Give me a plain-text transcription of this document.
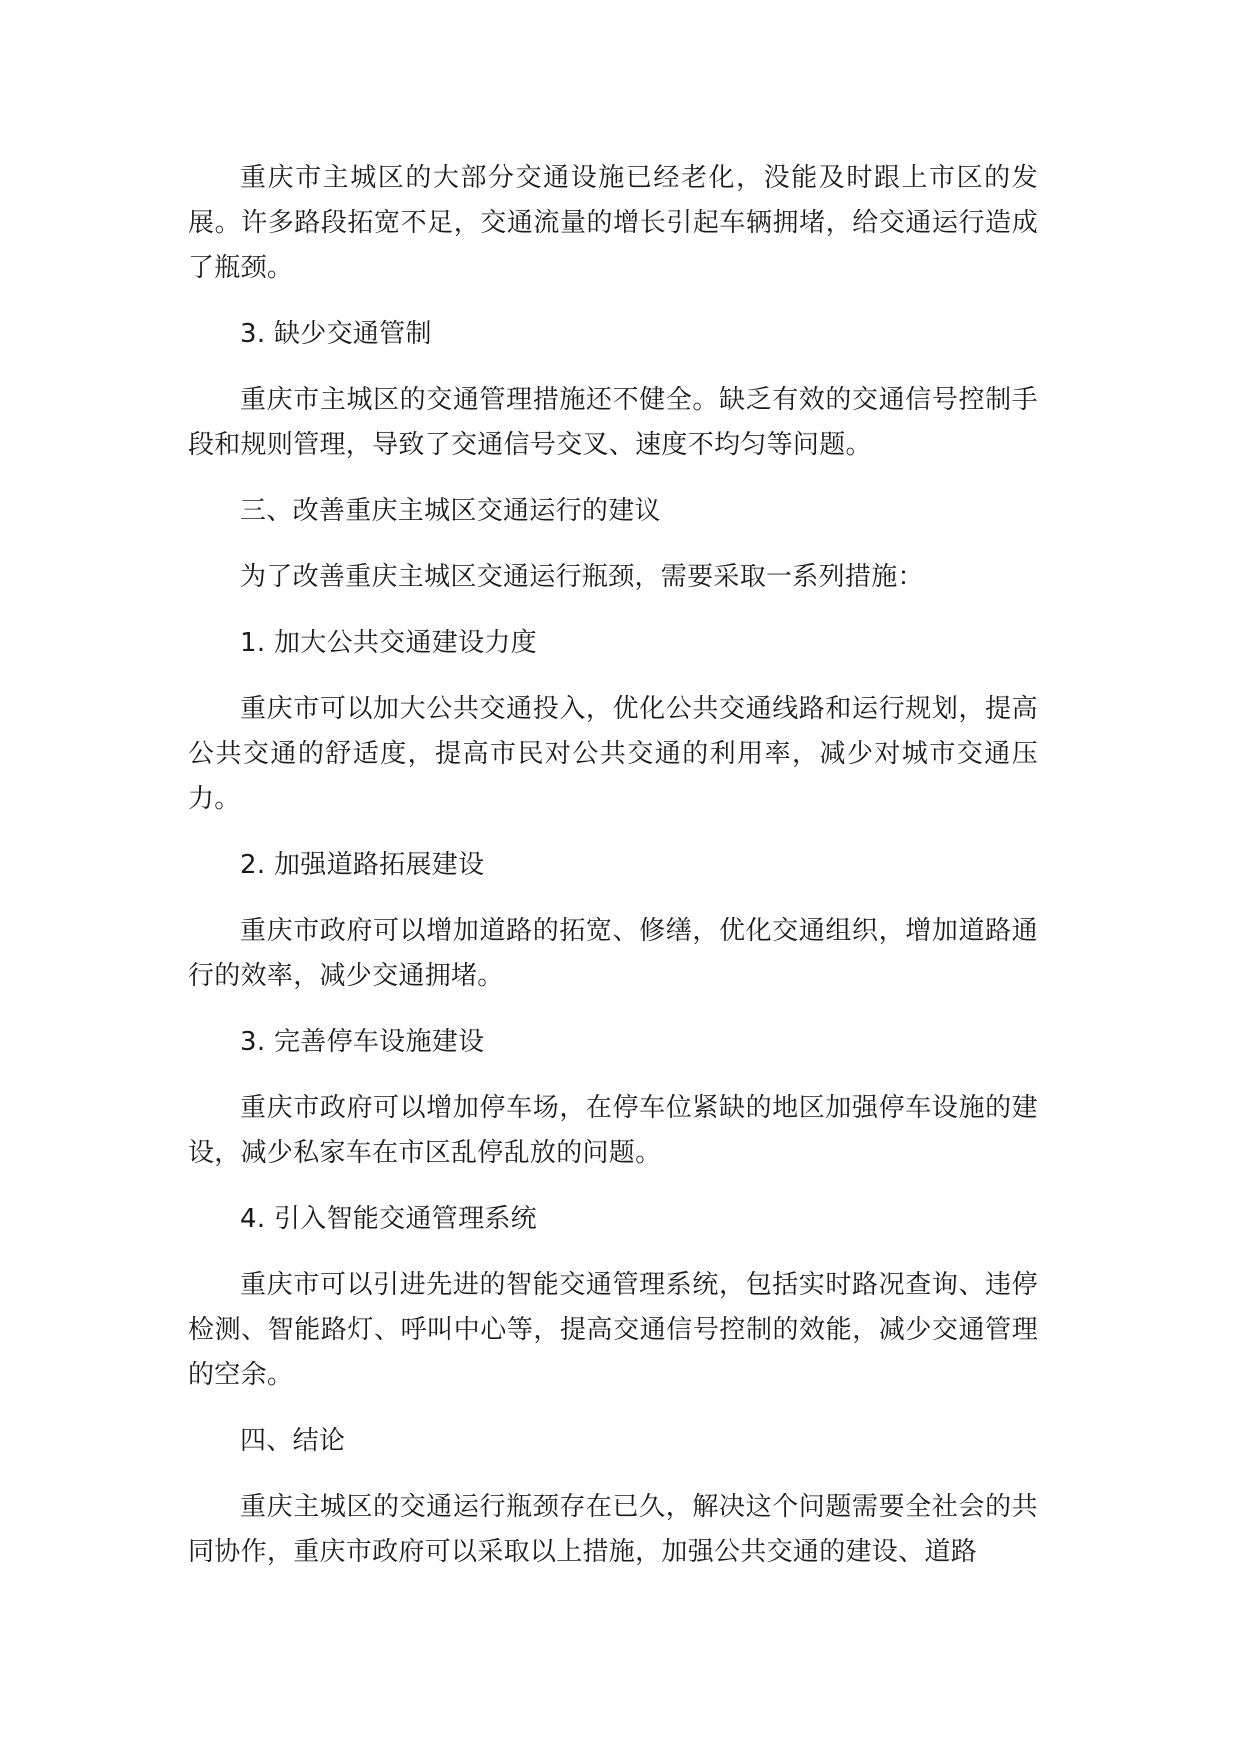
重庆市主城区的大部分交通设施已经老化，没能及时跟上市区的发展。许多路段拓宽不足，交通流量的增长引起车辆拥堵，给交通运行造成了瓶颈。

3. 缺少交通管制

重庆市主城区的交通管理措施还不健全。缺乏有效的交通信号控制手段和规则管理，导致了交通信号交叉、速度不均匀等问题。

三、改善重庆主城区交通运行的建议

为了改善重庆主城区交通运行瓶颈，需要采取一系列措施：

1. 加大公共交通建设力度

重庆市可以加大公共交通投入，优化公共交通线路和运行规划，提高公共交通的舒适度，提高市民对公共交通的利用率，减少对城市交通压力。

2. 加强道路拓展建设

重庆市政府可以增加道路的拓宽、修缮，优化交通组织，增加道路通行的效率，减少交通拥堵。

3. 完善停车设施建设

重庆市政府可以增加停车场，在停车位紧缺的地区加强停车设施的建设，减少私家车在市区乱停乱放的问题。

4. 引入智能交通管理系统

重庆市可以引进先进的智能交通管理系统，包括实时路况查询、违停检测、智能路灯、呼叫中心等，提高交通信号控制的效能，减少交通管理的空余。

四、结论

重庆主城区的交通运行瓶颈存在已久，解决这个问题需要全社会的共同协作，重庆市政府可以采取以上措施，加强公共交通的建设、道路
